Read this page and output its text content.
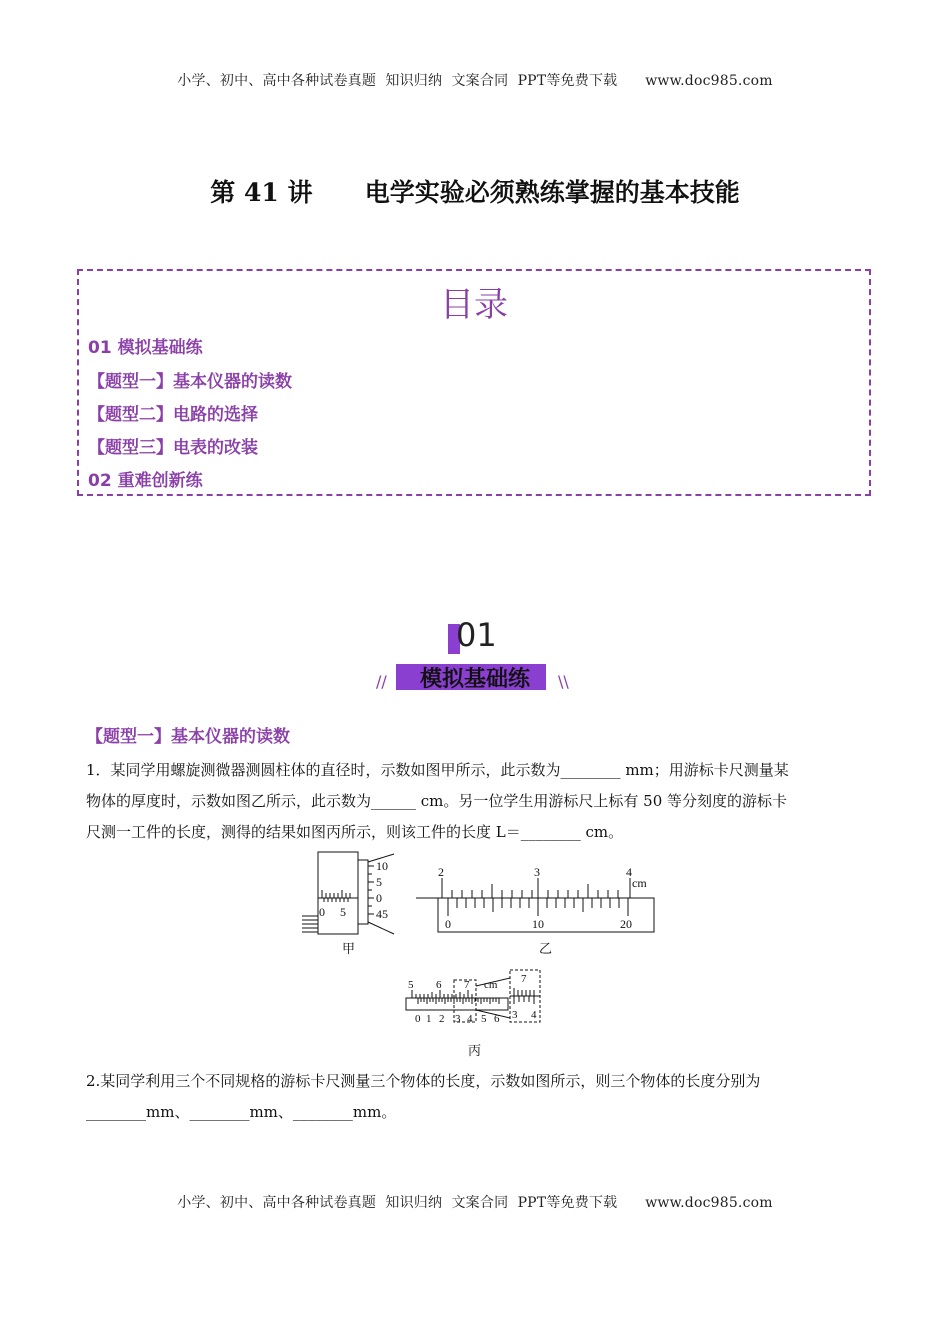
小学、初中、高中各种试卷真题  知识归纳  文案合同  PPT等免费下载      www.doc985.com
第 41 讲      电学实验必须熟练掌握的基本技能
目录
01 模拟基础练
【题型一】基本仪器的读数
【题型二】电路的选择
【题型三】电表的改装
02 重难创新练
01
//	模拟基础练	\\
【题型一】基本仪器的读数
1．某同学用螺旋测微器测圆柱体的直径时，示数如图甲所示，此示数为________ mm；用游标卡尺测量某
物体的厚度时，示数如图乙所示，此示数为______ cm。另一位学生用游标尺上标有 50 等分刻度的游标卡
尺测一工件的长度，测得的结果如图丙所示，则该工件的长度 L＝________ cm。
10
5
0
45
0 5
甲
2	3	4
cm
0	10	20
乙
5 6 7 cm
0 1 2 3 4 5 6
7
3 4
丙
2.某同学利用三个不同规格的游标卡尺测量三个物体的长度，示数如图所示，则三个物体的长度分别为
________mm、________mm、________mm。
小学、初中、高中各种试卷真题  知识归纳  文案合同  PPT等免费下载      www.doc985.com
